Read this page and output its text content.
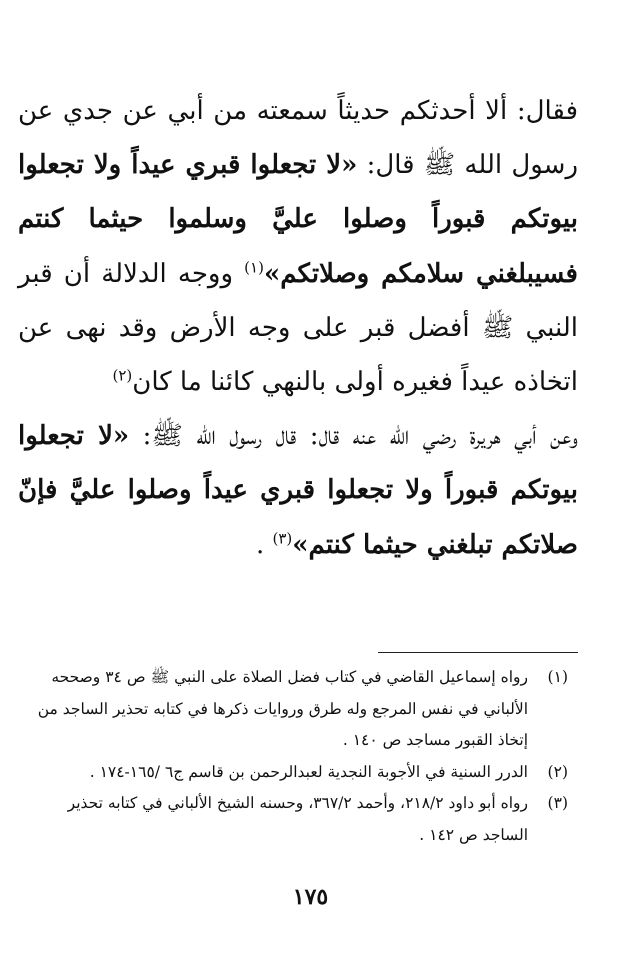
فقال: ألا أحدثكم حديثاً سمعته من أبي عن جدي عن رسول الله ﷺ قال: «لا تجعلوا قبري عيداً ولا تجعلوا بيوتكم قبوراً وصلوا عليَّ وسلموا حيثما كنتم فسيبلغني سلامكم وصلاتكم»$^{(١)}$ ووجه الدلالة أن قبر النبي ﷺ أفضل قبر على وجه الأرض وقد نهى عن اتخاذه عيداً فغيره أولى بالنهي كائنا ما كان$^{(٢)}$

وعن أبي هريرة رضي الله عنه قال: قال رسول الله ﷺ: «لا تجعلوا بيوتكم قبوراً ولا تجعلوا قبري عيداً وصلوا عليَّ فإنّ صلاتكم تبلغني حيثما كنتم»$^{(٣)}$ .

(١)
رواه إسماعيل القاضي في كتاب فضل الصلاة على النبي ﷺ ص ٣٤ وصححه الألباني في نفس المرجع وله طرق وروايات ذكرها في كتابه تحذير الساجد من إتخاذ القبور مساجد ص ١٤٠ .
(٢)
الدرر السنية في الأجوبة النجدية لعبدالرحمن بن قاسم ج٦ /١٦٥-١٧٤ .
(٣)
رواه أبو داود ٢١٨/٢، وأحمد ٣٦٧/٢، وحسنه الشيخ الألباني في كتابه تحذير الساجد ص ١٤٢ .
١٧٥
